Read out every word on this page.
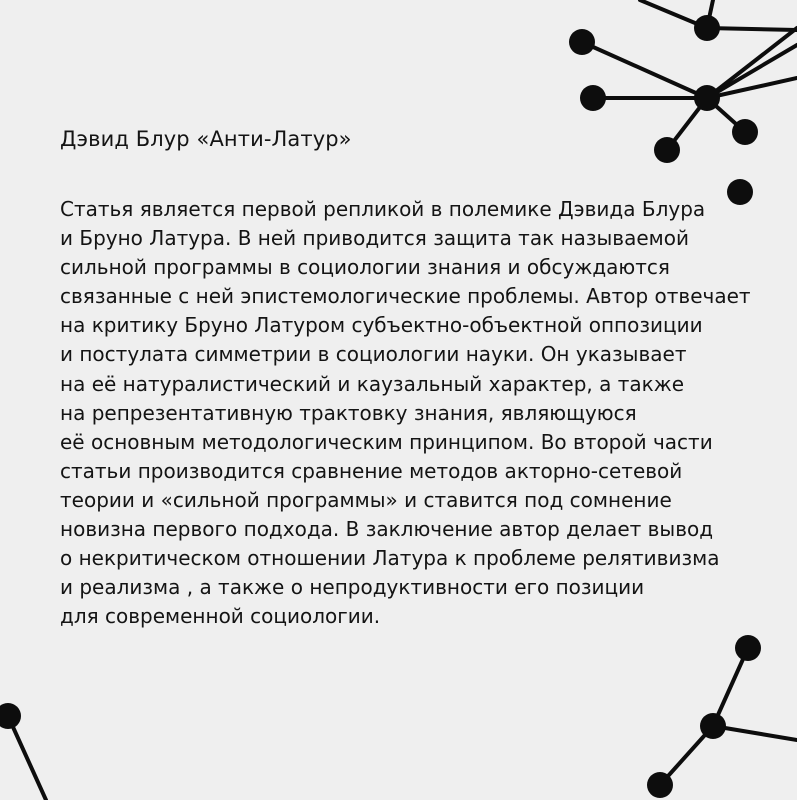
Дэвид Блур «Анти-Латур»

Статья является первой репликой в полемике Дэвида Блура
и Бруно Латура. В ней приводится защита так называемой
сильной программы в социологии знания и обсуждаются
связанные с ней эпистемологические проблемы. Автор отвечает
на критику Бруно Латуром субъектно-объектной оппозиции
и постулата симметрии в социологии науки. Он указывает
на её натуралистический и каузальный характер, а также
на репрезентативную трактовку знания, являющуюся
её основным методологическим принципом. Во второй части
статьи производится сравнение методов акторно-сетевой
теории и «сильной программы» и ставится под сомнение
новизна первого подхода. В заключение автор делает вывод
о некритическом отношении Латура к проблеме релятивизма
и реализма , а также о непродуктивности его позиции
для современной социологии.
